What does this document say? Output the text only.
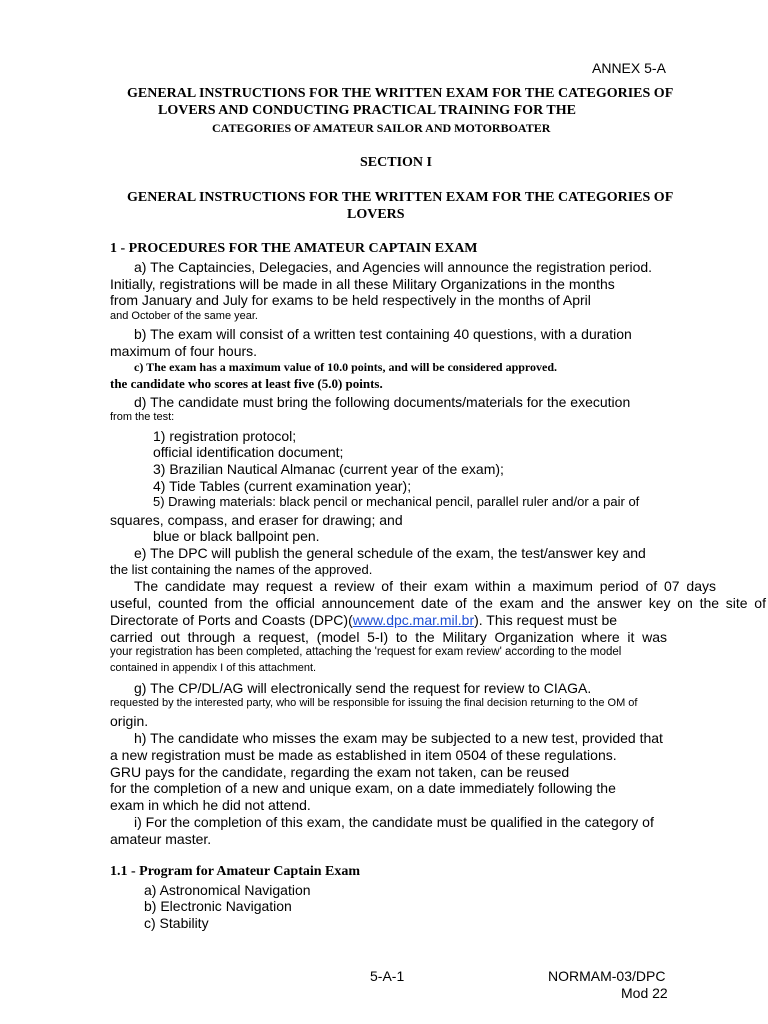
ANNEX 5-A
GENERAL INSTRUCTIONS FOR THE WRITTEN EXAM FOR THE CATEGORIES OF
LOVERS AND CONDUCTING PRACTICAL TRAINING FOR THE
CATEGORIES OF AMATEUR SAILOR AND MOTORBOATER
SECTION I
GENERAL INSTRUCTIONS FOR THE WRITTEN EXAM FOR THE CATEGORIES OF
LOVERS
1 - PROCEDURES FOR THE AMATEUR CAPTAIN EXAM
a) The Captaincies, Delegacies, and Agencies will announce the registration period.
Initially, registrations will be made in all these Military Organizations in the months
from January and July for exams to be held respectively in the months of April
and October of the same year.
b) The exam will consist of a written test containing 40 questions, with a duration
maximum of four hours.
c) The exam has a maximum value of 10.0 points, and will be considered approved.
the candidate who scores at least five (5.0) points.
d) The candidate must bring the following documents/materials for the execution
from the test:
1) registration protocol;
official identification document;
3) Brazilian Nautical Almanac (current year of the exam);
4) Tide Tables (current examination year);
5) Drawing materials: black pencil or mechanical pencil, parallel ruler and/or a pair of
squares, compass, and eraser for drawing; and
blue or black ballpoint pen.
e) The DPC will publish the general schedule of the exam, the test/answer key and
the list containing the names of the approved.
The candidate may request a review of their exam within a maximum period of 07 days
useful, counted from the official announcement date of the exam and the answer key on the site of
Directorate of Ports and Coasts (DPC)(www.dpc.mar.mil.br). This request must be
carried out through a request, (model 5-I) to the Military Organization where it was
your registration has been completed, attaching the 'request for exam review' according to the model
contained in appendix I of this attachment.
g) The CP/DL/AG will electronically send the request for review to CIAGA.
requested by the interested party, who will be responsible for issuing the final decision returning to the OM of
origin.
h) The candidate who misses the exam may be subjected to a new test, provided that
a new registration must be made as established in item 0504 of these regulations.
GRU pays for the candidate, regarding the exam not taken, can be reused
for the completion of a new and unique exam, on a date immediately following the
exam in which he did not attend.
i) For the completion of this exam, the candidate must be qualified in the category of
amateur master.
1.1 - Program for Amateur Captain Exam
a) Astronomical Navigation
b) Electronic Navigation
c) Stability
5-A-1	NORMAM-03/DPC
Mod 22
